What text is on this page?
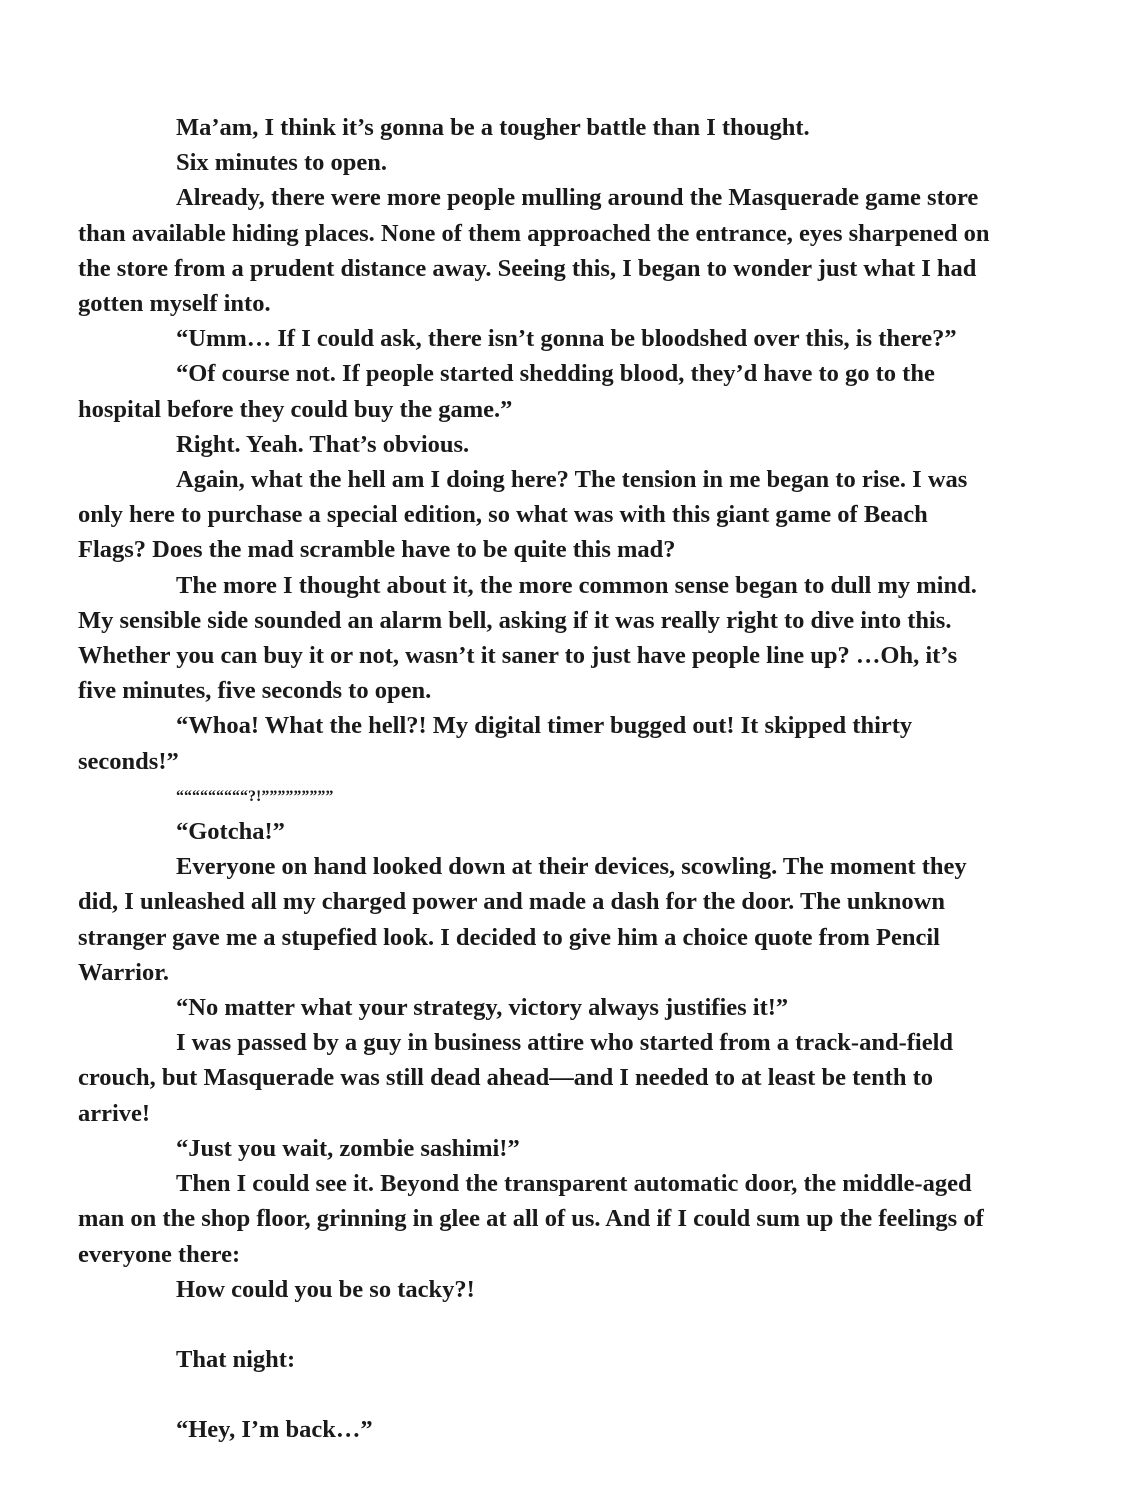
Ma’am, I think it’s gonna be a tougher battle than I thought.

Six minutes to open.

Already, there were more people mulling around the Masquerade game store than available hiding places. None of them approached the entrance, eyes sharpened on the store from a prudent distance away. Seeing this, I began to wonder just what I had gotten myself into.

“Umm… If I could ask, there isn’t gonna be bloodshed over this, is there?”

“Of course not. If people started shedding blood, they’d have to go to the hospital before they could buy the game.”

Right. Yeah. That’s obvious.

Again, what the hell am I doing here? The tension in me began to rise. I was only here to purchase a special edition, so what was with this giant game of Beach Flags? Does the mad scramble have to be quite this mad?

The more I thought about it, the more common sense began to dull my mind. My sensible side sounded an alarm bell, asking if it was really right to dive into this. Whether you can buy it or not, wasn’t it saner to just have people line up? …Oh, it’s five minutes, five seconds to open.

“Whoa! What the hell?! My digital timer bugged out! It skipped thirty seconds!”

“““““““““?!”””””””””

“Gotcha!”

Everyone on hand looked down at their devices, scowling. The moment they did, I unleashed all my charged power and made a dash for the door. The unknown stranger gave me a stupefied look. I decided to give him a choice quote from Pencil Warrior.

“No matter what your strategy, victory always justifies it!”

I was passed by a guy in business attire who started from a track-and-field crouch, but Masquerade was still dead ahead—and I needed to at least be tenth to arrive!

“Just you wait, zombie sashimi!”

Then I could see it. Beyond the transparent automatic door, the middle-aged man on the shop floor, grinning in glee at all of us. And if I could sum up the feelings of everyone there:

How could you be so tacky?!

That night:

“Hey, I’m back…”
